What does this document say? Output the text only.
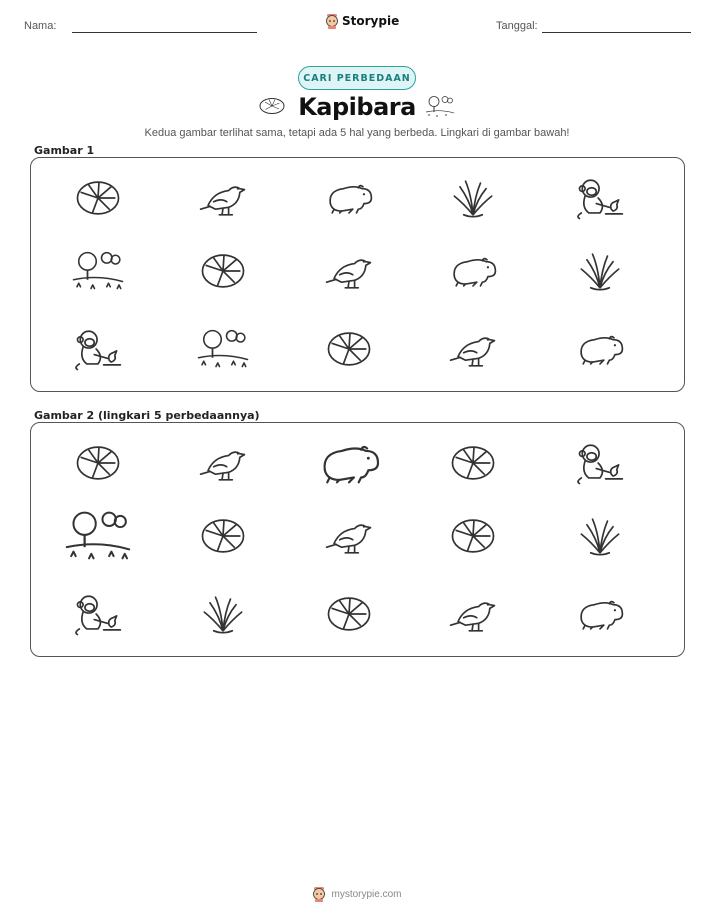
Nama:	Storypie	Tanggal:
CARI PERBEDAAN
Kapibara
Kedua gambar terlihat sama, tetapi ada 5 hal yang berbeda. Lingkari di gambar bawah!
Gambar 1
Gambar 2 (lingkari 5 perbedaannya)
mystorypie.com
